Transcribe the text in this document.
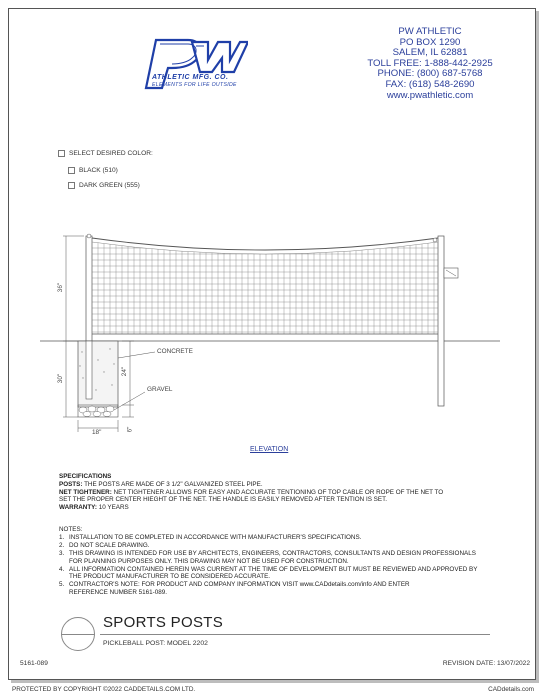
ATHLETIC MFG. CO.
ELEMENTS FOR LIFE OUTSIDE
PW ATHLETIC
PO BOX 1290
SALEM, IL 62881
TOLL FREE: 1-888-442-2925
PHONE: (800) 687-5768
FAX: (618) 548-2690
www.pwathletic.com
SELECT DESIRED COLOR:
BLACK (510)
DARK GREEN (555)
36"
30"
24"
18"	6"
CONCRETE
GRAVEL
ELEVATION
SPECIFICATIONS
POSTS: THE POSTS ARE MADE OF 3 1/2" GALVANIZED STEEL PIPE.
NET TIGHTENER: NET TIGHTENER ALLOWS FOR EASY AND ACCURATE TENTIONING OF TOP CABLE OR ROPE OF THE NET TO
SET THE PROPER CENTER HIEGHT OF THE NET. THE HANDLE IS EASILY REMOVED AFTER TENTION IS SET.
WARRANTY: 10 YEARS
NOTES:
1. INSTALLATION TO BE COMPLETED IN ACCORDANCE WITH MANUFACTURER'S SPECIFICATIONS.
2. DO NOT SCALE DRAWING.
3. THIS DRAWING IS INTENDED FOR USE BY ARCHITECTS, ENGINEERS, CONTRACTORS, CONSULTANTS AND DESIGN PROFESSIONALS
FOR PLANNING PURPOSES ONLY. THIS DRAWING MAY NOT BE USED FOR CONSTRUCTION.
4. ALL INFORMATION CONTAINED HEREIN WAS CURRENT AT THE TIME OF DEVELOPMENT BUT MUST BE REVIEWED AND APPROVED BY
THE PRODUCT MANUFACTURER TO BE CONSIDERED ACCURATE.
5. CONTRACTOR'S NOTE: FOR PRODUCT AND COMPANY INFORMATION VISIT www.CADdetails.com/info AND ENTER
REFERENCE NUMBER 5161-089.
SPORTS POSTS
PICKLEBALL POST: MODEL 2202
5161-089	REVISION DATE: 13/07/2022
PROTECTED BY COPYRIGHT ©2022 CADDETAILS.COM LTD.	CADdetails.com
